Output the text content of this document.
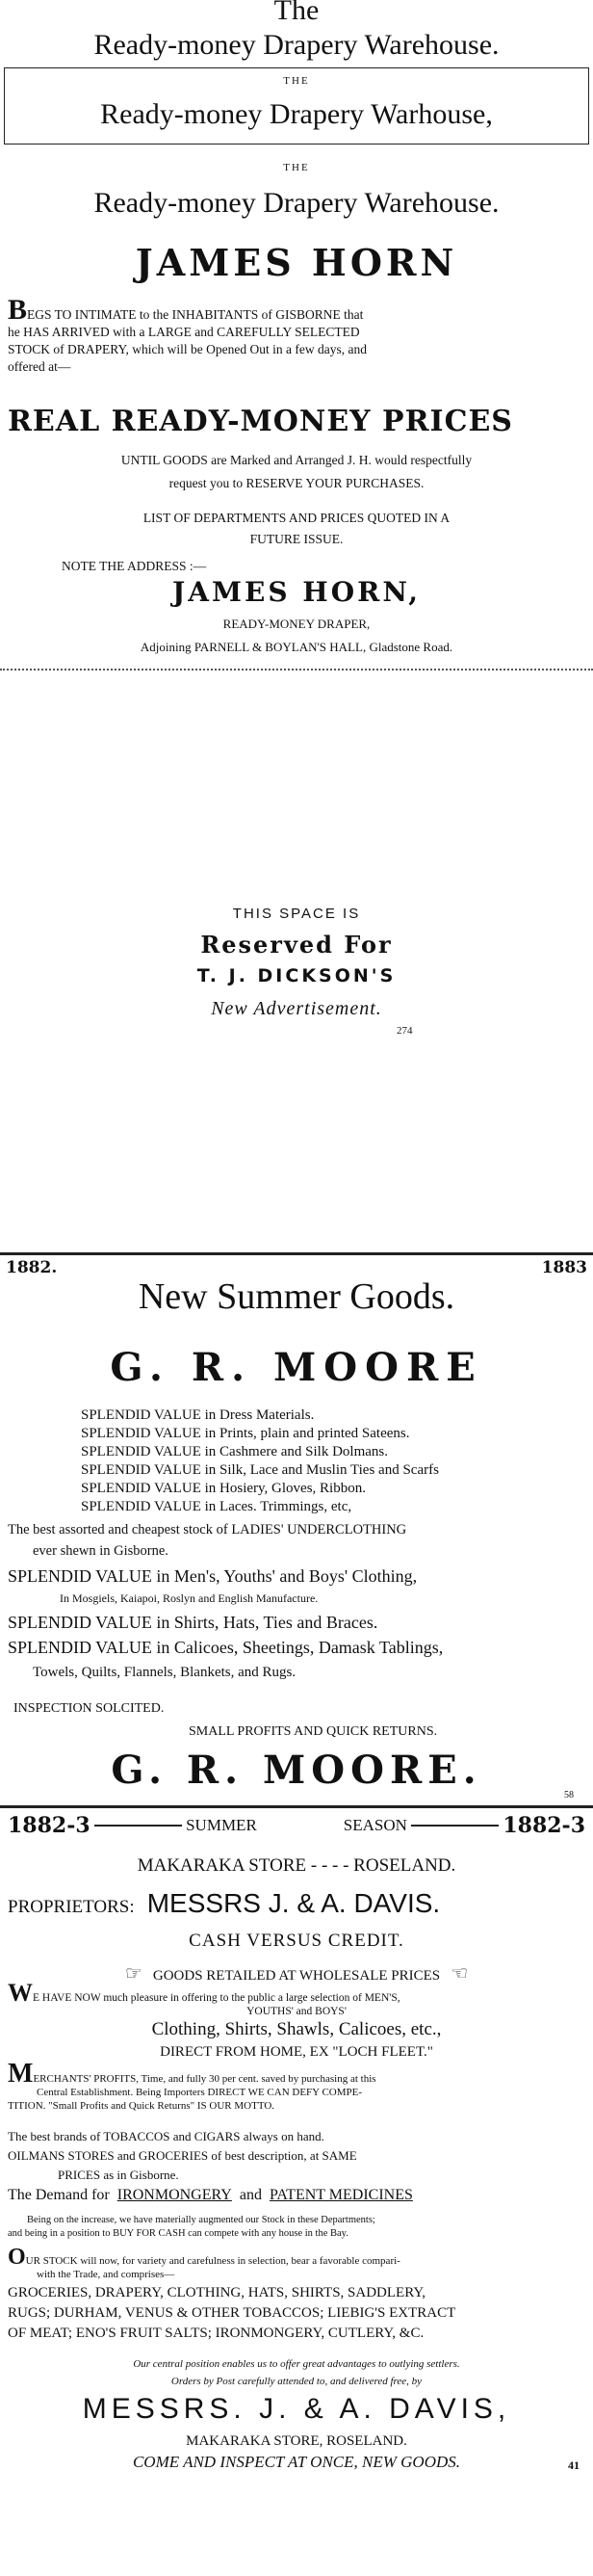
The
Ready-money Drapery Warehouse.
THE
Ready-money Drapery Warhouse,
THE
Ready-money Drapery Warehouse.
JAMES HORN
BEGS TO INTIMATE to the INHABITANTS of GISBORNE that
he HAS ARRIVED with a LARGE and CAREFULLY SELECTED
STOCK of DRAPERY, which will be Opened Out in a few days, and
offered at—
REAL READY-MONEY PRICES
UNTIL GOODS are Marked and Arranged J. H. would respectfully
request you to RESERVE YOUR PURCHASES.
LIST OF DEPARTMENTS AND PRICES QUOTED IN A
FUTURE ISSUE.
NOTE THE ADDRESS :—
JAMES HORN,
READY-MONEY DRAPER,
Adjoining PARNELL & BOYLAN'S HALL, Gladstone Road.
THIS SPACE IS
Reserved For
T. J. DICKSON'S
New Advertisement.
274
1882.	1883
New Summer Goods.
G. R. MOORE
SPLENDID VALUE in Dress Materials.
SPLENDID VALUE in Prints, plain and printed Sateens.
SPLENDID VALUE in Cashmere and Silk Dolmans.
SPLENDID VALUE in Silk, Lace and Muslin Ties and Scarfs
SPLENDID VALUE in Hosiery, Gloves, Ribbon.
SPLENDID VALUE in Laces. Trimmings, etc,
The best assorted and cheapest stock of LADIES' UNDERCLOTHING
ever shewn in Gisborne.
SPLENDID VALUE in Men's, Youths' and Boys' Clothing,
In Mosgiels, Kaiapoi, Roslyn and English Manufacture.
SPLENDID VALUE in Shirts, Hats, Ties and Braces.
SPLENDID VALUE in Calicoes, Sheetings, Damask Tablings,
Towels, Quilts, Flannels, Blankets, and Rugs.
INSPECTION SOLCITED.
SMALL PROFITS AND QUICK RETURNS.
G. R. MOORE.
58
1882-3	SUMMER	SEASON	1882-3
MAKARAKA STORE - - - - ROSELAND.
PROPRIETORS: MESSRS J. & A. DAVIS.
CASH VERSUS CREDIT.
☞ GOODS RETAILED AT WHOLESALE PRICES ☜
WE HAVE NOW much pleasure in offering to the public a large selection of MEN'S,
YOUTHS' and BOYS'
Clothing, Shirts, Shawls, Calicoes, etc.,
DIRECT FROM HOME, EX "LOCH FLEET."
MERCHANTS' PROFITS, Time, and fully 30 per cent. saved by purchasing at this
Central Establishment. Being Importers DIRECT WE CAN DEFY COMPE-
TITION. "Small Profits and Quick Returns" IS OUR MOTTO.
The best brands of TOBACCOS and CIGARS always on hand.
OILMANS STORES and GROCERIES of best description, at SAME
PRICES as in Gisborne.
The Demand for IRONMONGERY and PATENT MEDICINES
Being on the increase, we have materially augmented our Stock in these Departments;
and being in a position to BUY FOR CASH can compete with any house in the Bay.
OUR STOCK will now, for variety and carefulness in selection, bear a favorable compari-
with the Trade, and comprises—
GROCERIES, DRAPERY, CLOTHING, HATS, SHIRTS, SADDLERY,
RUGS; DURHAM, VENUS & OTHER TOBACCOS; LIEBIG'S EXTRACT
OF MEAT; ENO'S FRUIT SALTS; IRONMONGERY, CUTLERY, &C.
Our central position enables us to offer great advantages to outlying settlers.
Orders by Post carefully attended to, and delivered free, by
MESSRS. J. & A. DAVIS,
MAKARAKA STORE, ROSELAND.
COME AND INSPECT AT ONCE, NEW GOODS.	41
